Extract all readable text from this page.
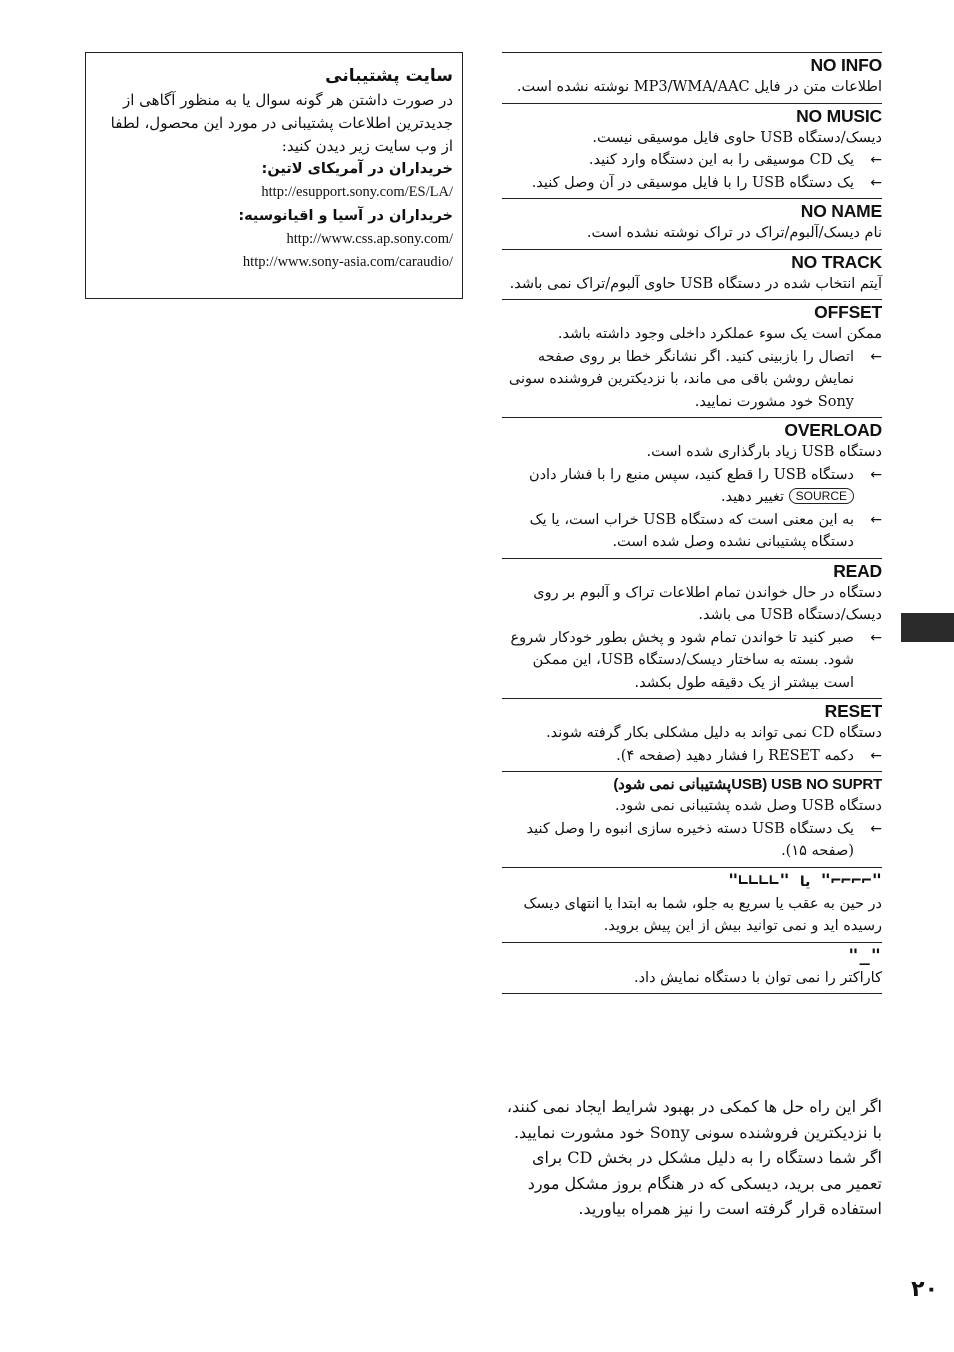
سایت پشتیبانی
در صورت داشتن هر گونه سوال یا به منظور آگاهی از جدیدترین اطلاعات پشتیبانی در مورد این محصول، لطفا از وب سایت زیر دیدن کنید:
خریداران در آمریکای لاتین:
http://esupport.sony.com/ES/LA/
خریداران در آسیا و اقیانوسیه:
http://www.css.ap.sony.com/
http://www.sony-asia.com/caraudio/
NO INFO

اطلاعات متن در فایل MP3/WMA/AAC نوشته نشده است.

NO MUSIC

دیسک/دستگاه USB حاوی فایل موسیقی نیست.

←
یک CD موسیقی را به این دستگاه وارد کنید.

←
یک دستگاه USB را با فایل موسیقی در آن وصل کنید.

NO NAME

نام دیسک/آلبوم/تراک در تراک نوشته نشده است.

NO TRACK

آیتم انتخاب شده در دستگاه USB حاوی آلبوم/تراک نمی باشد.

OFFSET

ممکن است یک سوء عملکرد داخلی وجود داشته باشد.

←
اتصال را بازبینی کنید. اگر نشانگر خطا بر روی صفحه نمایش روشن باقی می ماند، با نزدیکترین فروشنده سونی Sony خود مشورت نمایید.

OVERLOAD

دستگاه USB زیاد بارگذاری شده است.

←
دستگاه USB را قطع کنید، سپس منبع را با فشار دادن SOURCE تغییر دهید.

←
به این معنی است که دستگاه USB خراب است، یا یک دستگاه پشتیبانی نشده وصل شده است.

READ

دستگاه در حال خواندن تمام اطلاعات تراک و آلبوم بر روی دیسک/دستگاه USB می باشد.

←
صبر کنید تا خواندن تمام شود و پخش بطور خودکار شروع شود. بسته به ساختار دیسک/دستگاه USB، این ممکن است بیشتر از یک دقیقه طول بکشد.

RESET

دستگاه CD نمی تواند به دلیل مشکلی بکار گرفته شوند.

←
دکمه RESET را فشار دهید (صفحه ۴).

USB NO SUPRT (USBپشتیبانی نمی شود)

دستگاه USB وصل شده پشتیبانی نمی شود.

←
یک دستگاه USB دسته ذخیره سازی انبوه را وصل کنید (صفحه ۱۵).

"∟∟∟∟" یا "⌐⌐⌐⌐"

در حین به عقب یا سریع به جلو، شما به ابتدا یا انتهای دیسک رسیده اید و نمی توانید بیش از این پیش بروید.

"_"

کاراکتر را نمی توان با دستگاه نمایش داد.

اگر این راه حل ها کمکی در بهبود شرایط ایجاد نمی کنند، با نزدیکترین فروشنده سونی Sony خود مشورت نمایید.
اگر شما دستگاه را به دلیل مشکل در بخش CD برای تعمیر می برید، دیسکی که در هنگام بروز مشکل مورد استفاده قرار گرفته است را نیز همراه بیاورید.
۲۰
